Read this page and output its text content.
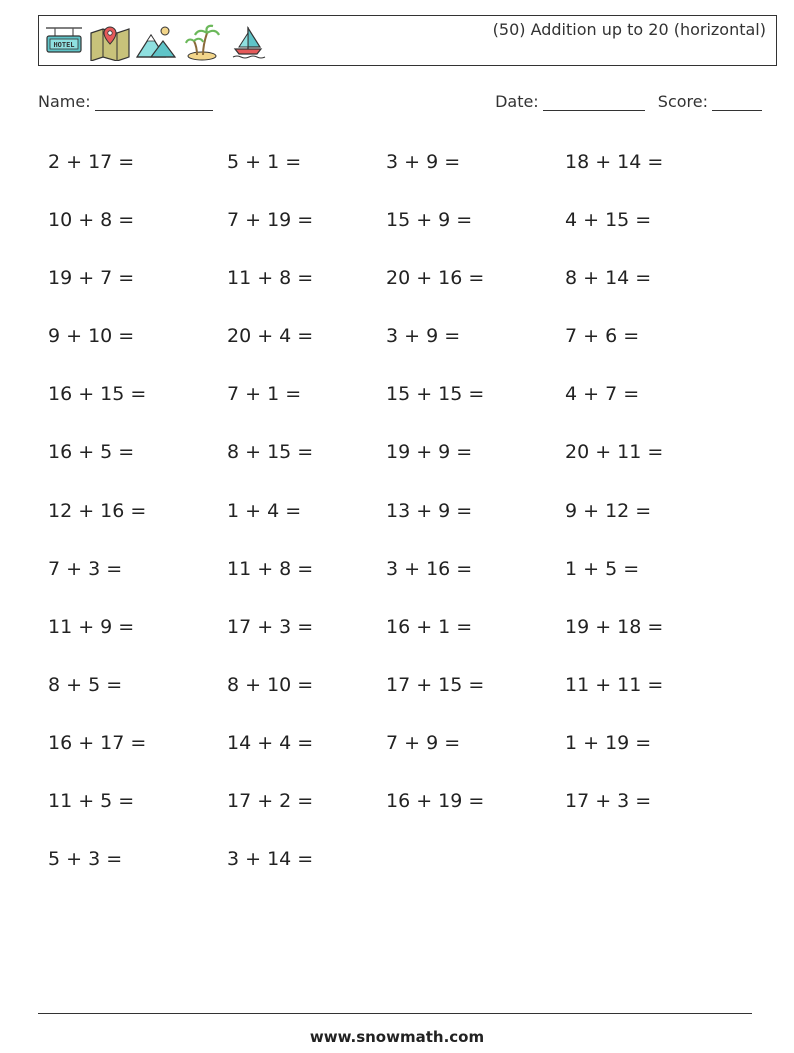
HOTEL
(50) Addition up to 20 (horizontal)
Name:	Date:	Score:
2 + 17 =	5 + 1 =	3 + 9 =	18 + 14 =
10 + 8 =	7 + 19 =	15 + 9 =	4 + 15 =
19 + 7 =	11 + 8 =	20 + 16 =	8 + 14 =
9 + 10 =	20 + 4 =	3 + 9 =	7 + 6 =
16 + 15 =	7 + 1 =	15 + 15 =	4 + 7 =
16 + 5 =	8 + 15 =	19 + 9 =	20 + 11 =
12 + 16 =	1 + 4 =	13 + 9 =	9 + 12 =
7 + 3 =	11 + 8 =	3 + 16 =	1 + 5 =
11 + 9 =	17 + 3 =	16 + 1 =	19 + 18 =
8 + 5 =	8 + 10 =	17 + 15 =	11 + 11 =
16 + 17 =	14 + 4 =	7 + 9 =	1 + 19 =
11 + 5 =	17 + 2 =	16 + 19 =	17 + 3 =
5 + 3 =	3 + 14 =
www.snowmath.com
